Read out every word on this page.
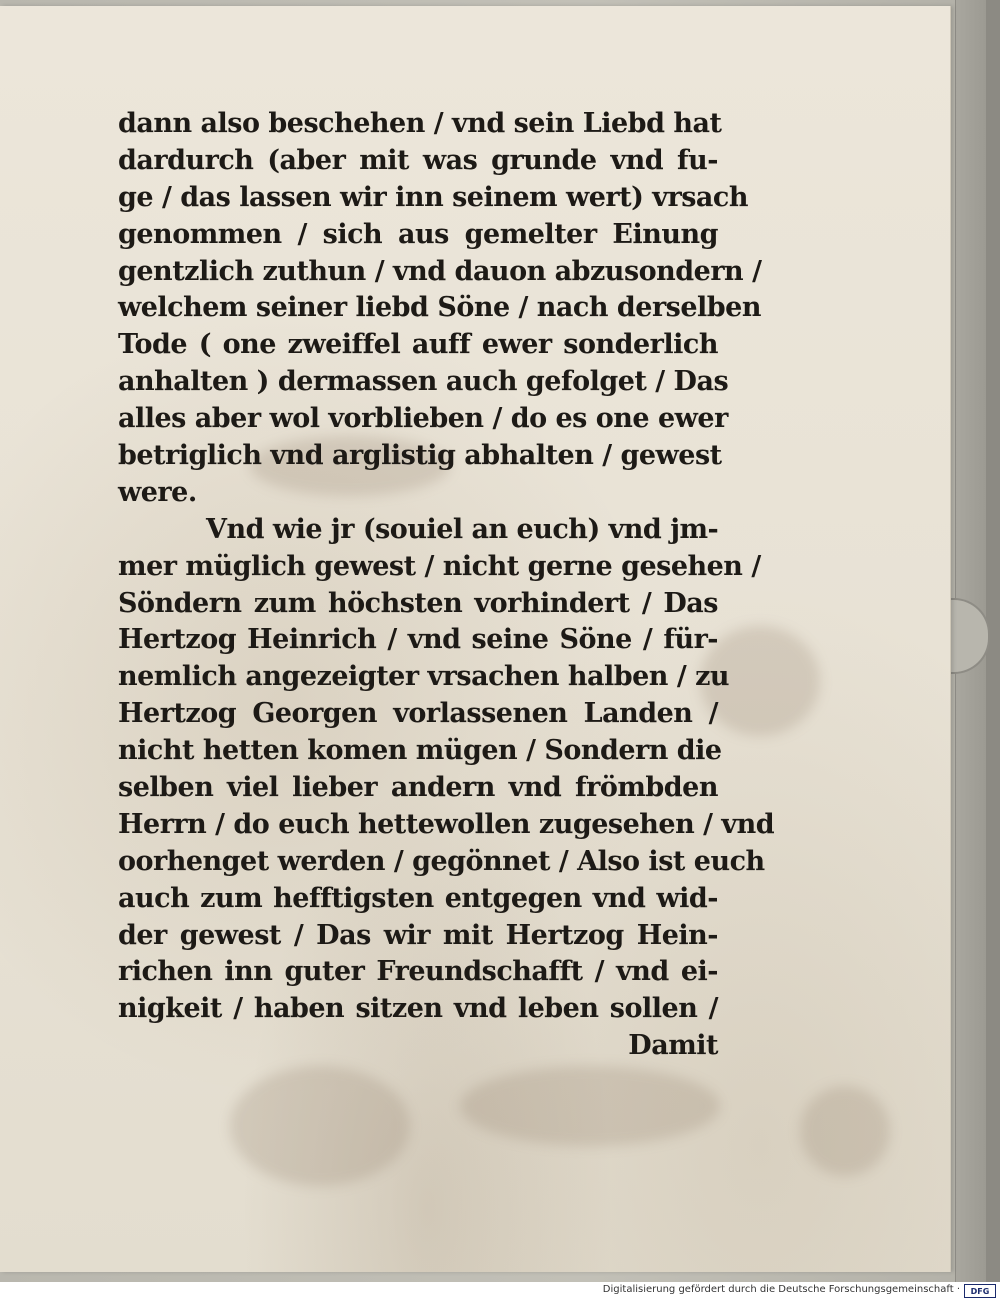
dann also beschehen / vnd sein Liebd hat
dardurch (aber mit was grunde vnd fu-
ge / das lassen wir inn seinem wert) vrsach
genommen / sich aus gemelter Einung
gentzlich zuthun / vnd dauon abzusondern /
welchem seiner liebd Söne / nach derselben
Tode ( one zweiffel auff ewer sonderlich
anhalten ) dermassen auch gefolget / Das
alles aber wol vorblieben / do es one ewer
betriglich vnd arglistig abhalten / gewest
were.
Vnd wie jr (souiel an euch) vnd jm-
mer müglich gewest / nicht gerne gesehen /
Söndern zum höchsten vorhindert / Das
Hertzog Heinrich / vnd seine Söne / für-
nemlich angezeigter vrsachen halben / zu
Hertzog Georgen vorlassenen Landen /
nicht hetten komen mügen / Sondern die
selben viel lieber andern vnd frömbden
Herrn / do euch hettewollen zugesehen / vnd
oorhenget werden / gegönnet / Also ist euch
auch zum hefftigsten entgegen vnd wid-
der gewest / Das wir mit Hertzog Hein-
richen inn guter Freundschafft / vnd ei-
nigkeit / haben sitzen vnd leben sollen /
Damit
Digitalisierung gefördert durch die Deutsche Forschungsgemeinschaft ·	DFG
